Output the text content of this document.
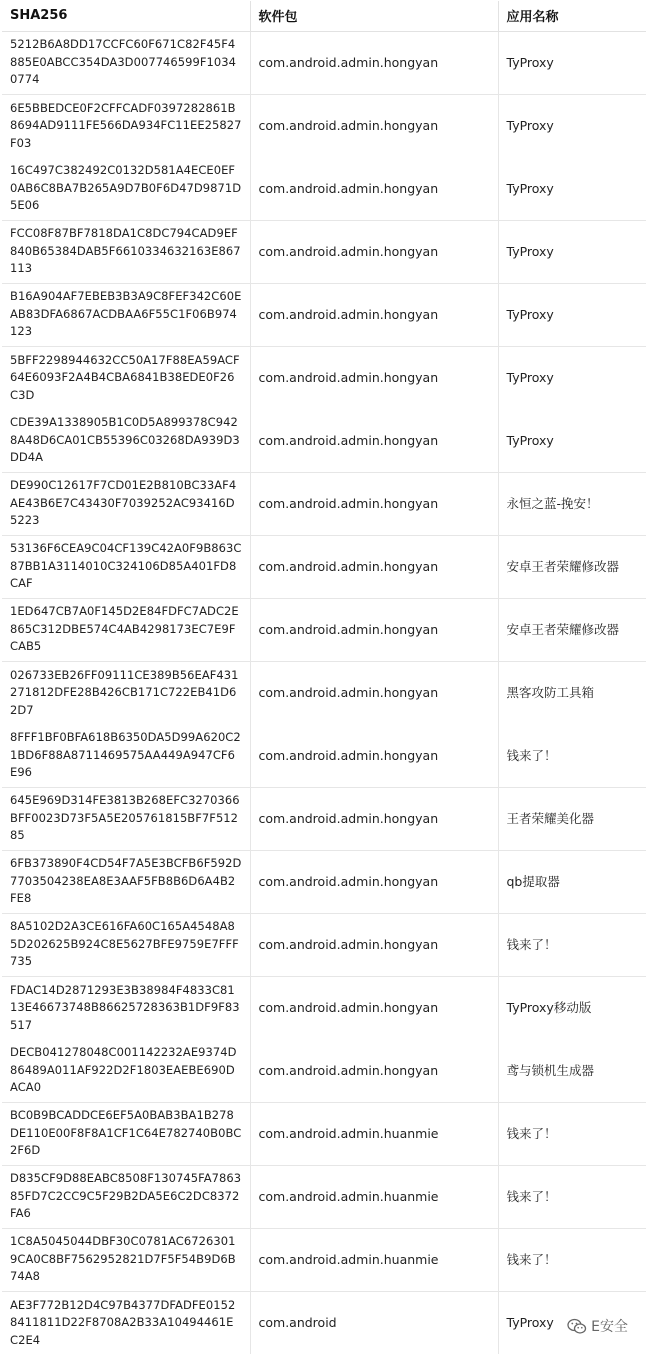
SHA256	软件包	应用名称
5212B6A8DD17CCFC60F671C82F45F4885E0ABCC354DA3D007746599F10340774	com.android.admin.hongyan	TyProxy
6E5BBEDCE0F2CFFCADF0397282861B8694AD9111FE566DA934FC11EE25827F03	com.android.admin.hongyan	TyProxy
16C497C382492C0132D581A4ECE0EF0AB6C8BA7B265A9D7B0F6D47D9871D5E06	com.android.admin.hongyan	TyProxy
FCC08F87BF7818DA1C8DC794CAD9EF840B65384DAB5F6610334632163E867113	com.android.admin.hongyan	TyProxy
B16A904AF7EBEB3B3A9C8FEF342C60EAB83DFA6867ACDBAA6F55C1F06B974123	com.android.admin.hongyan	TyProxy
5BFF2298944632CC50A17F88EA59ACF64E6093F2A4B4CBA6841B38EDE0F26C3D	com.android.admin.hongyan	TyProxy
CDE39A1338905B1C0D5A899378C9428A48D6CA01CB55396C03268DA939D3DD4A	com.android.admin.hongyan	TyProxy
DE990C12617F7CD01E2B810BC33AF4AE43B6E7C43430F7039252AC93416D5223	com.android.admin.hongyan	永恒之蓝-挽安！
53136F6CEA9C04CF139C42A0F9B863C87BB1A3114010C324106D85A401FD8CAF	com.android.admin.hongyan	安卓王者荣耀修改器
1ED647CB7A0F145D2E84FDFC7ADC2E865C312DBE574C4AB4298173EC7E9FCAB5	com.android.admin.hongyan	安卓王者荣耀修改器
026733EB26FF09111CE389B56EAF431271812DFE28B426CB171C722EB41D62D7	com.android.admin.hongyan	黑客攻防工具箱
8FFF1BF0BFA618B6350DA5D99A620C21BD6F88A8711469575AA449A947CF6E96	com.android.admin.hongyan	钱来了！
645E969D314FE3813B268EFC3270366BFF0023D73F5A5E205761815BF7F51285	com.android.admin.hongyan	王者荣耀美化器
6FB373890F4CD54F7A5E3BCFB6F592D7703504238EA8E3AAF5FB8B6D6A4B2FE8	com.android.admin.hongyan	qb提取器
8A5102D2A3CE616FA60C165A4548A85D202625B924C8E5627BFE9759E7FFF735	com.android.admin.hongyan	钱来了！
FDAC14D2871293E3B38984F4833C8113E46673748B86625728363B1DF9F83517	com.android.admin.hongyan	TyProxy移动版
DECB041278048C001142232AE9374D86489A011AF922D2F1803EAEBE690DACA0	com.android.admin.hongyan	鸢与锁机生成器
BC0B9BCADDCE6EF5A0BAB3BA1B278DE110E00F8F8A1CF1C64E782740B0BC2F6D	com.android.admin.huanmie	钱来了！
D835CF9D88EABC8508F130745FA786385FD7C2CC9C5F29B2DA5E6C2DC8372FA6	com.android.admin.huanmie	钱来了！
1C8A5045044DBF30C0781AC67263019CA0C8BF7562952821D7F5F54B9D6B74A8	com.android.admin.huanmie	钱来了！
AE3F772B12D4C97B4377DFADFE01528411811D22F8708A2B33A10494461EC2E4	com.android	TyProxy	E安全
